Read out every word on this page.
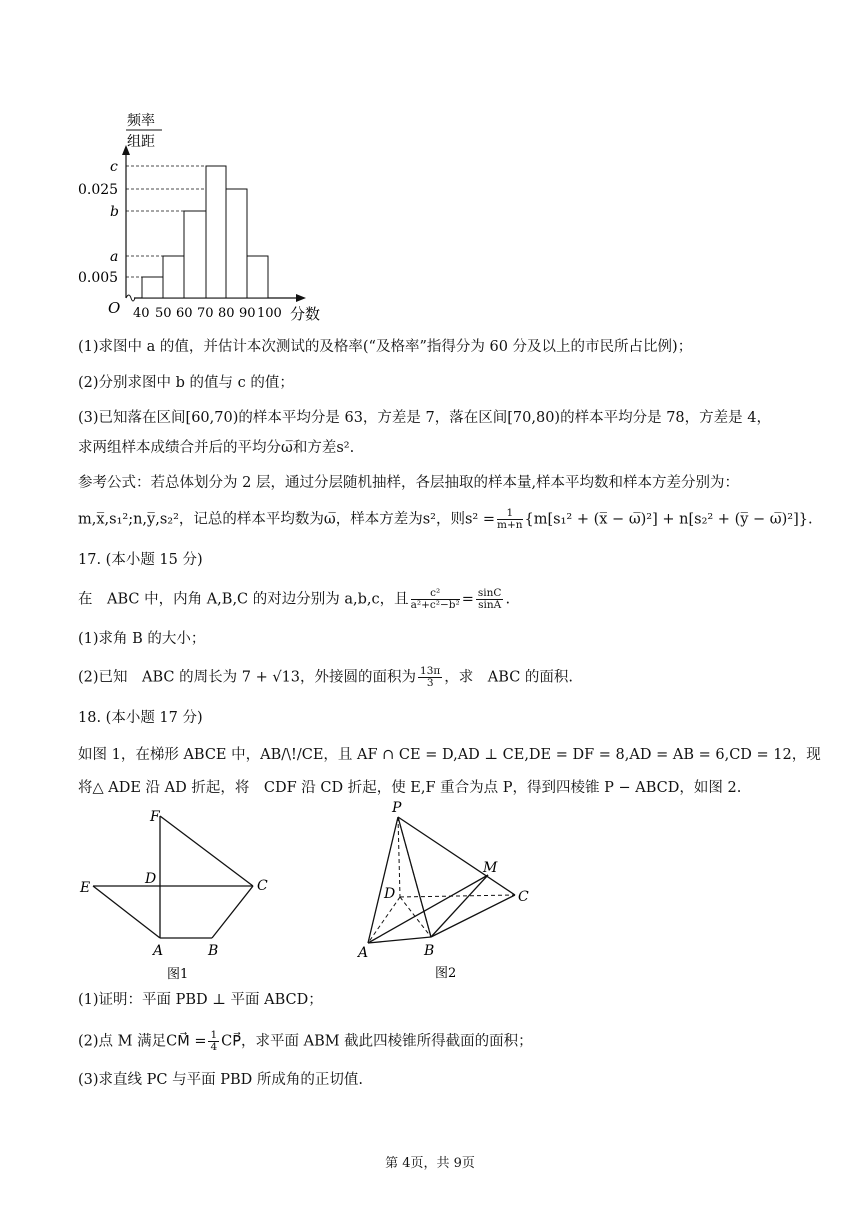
频率
组距
O	分数
c
0.025
b
a
0.005
40 50 60 70 80 90 100
(1)求图中 a 的值，并估计本次测试的及格率(“及格率”指得分为 60 分及以上的市民所占比例)；
(2)分别求图中 b 的值与 c 的值；
(3)已知落在区间[60,70)的样本平均分是 63，方差是 7，落在区间[70,80)的样本平均分是 78，方差是 4，
求两组样本成绩合并后的平均分ω̅和方差s².
参考公式：若总体划分为 2 层，通过分层随机抽样，各层抽取的样本量,样本平均数和样本方差分别为：
m,x̅,s₁²;n,y̅,s₂²，记总的样本平均数为ω̅，样本方差为s²，则$s^2 = \frac{1}{m+n} \{m[s_1^2$ + (x̅ − ω̅)²] + n[s₂² + (y̅ − ω̅)²]}.
17. (本小题 15 分)
在　ABC 中，内角 A,B,C 的对边分别为 a,b,c，且 $\frac{\text{c²}}{\text{a²+c²−b²}} = \frac{\sin C}{\sin A}$ .
(1)求角 B 的大小；
(2)已知　ABC 的周长为 7 + √13，外接圆的面积为 $\frac{13\pi}{3}$ ，求　ABC 的面积.
18. (本小题 17 分)
如图 1，在梯形 ABCE 中，AB/\!/CE，且 AF ∩ CE = D,AD ⊥ CE,DE = DF = 8,AD = AB = 6,CD = 12，现
将△ ADE 沿 AD 折起，将　CDF 沿 CD 折起，使 E,F 重合为点 P，得到四棱锥 P − ABCD，如图 2.
F
D
E	C
A	B
图1
P
M
D	C
A	B
图2
(1)证明：平面 PBD ⊥ 平面 ABCD；
(2)点 M 满足CM⃗ = $\frac{1}{4}$ CP⃗，求平面 ABM 截此四棱锥所得截面的面积；
(3)求直线 PC 与平面 PBD 所成角的正切值.
第 4页，共 9页
